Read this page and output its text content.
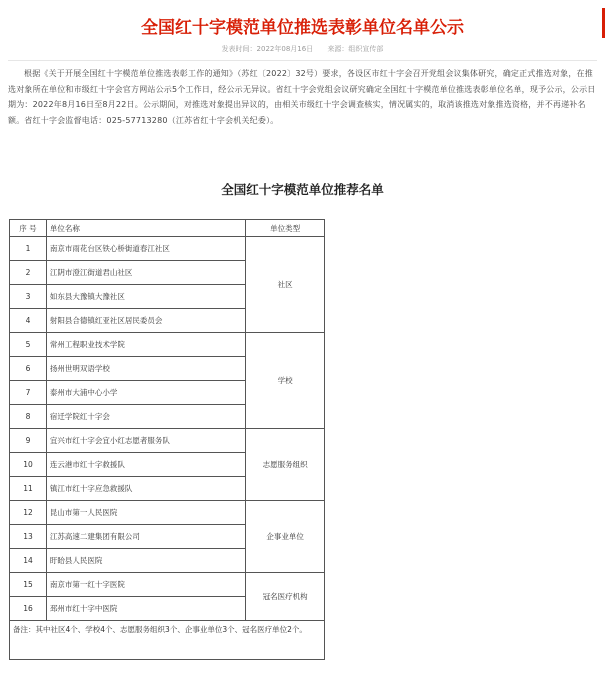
全国红十字模范单位推选表彰单位名单公示
发表时间：2022年08月16日 来源：组织宣传部
根据《关于开展全国红十字模范单位推选表彰工作的通知》（苏红〔2022〕32号）要求，各设区市红十字会召开党组会议集体研究，确定正式推选对象，在推选对象所在单位和市级红十字会官方网站公示5个工作日，经公示无异议。省红十字会党组会议研究确定全国红十字模范单位推选表彰单位名单，现予公示，公示日期为：2022年8月16日至8月22日。公示期间，对推选对象提出异议的，由相关市级红十字会调查核实，情况属实的，取消该推选对象推选资格，并不再递补名额。省红十字会监督电话：025-57713280（江苏省红十字会机关纪委）。
全国红十字模范单位推荐名单
序 号	单位名称	单位类型
1	南京市雨花台区铁心桥街道春江社区	社区
2	江阴市澄江街道君山社区	
3	如东县大豫镇大豫社区	
4	射阳县合德镇红亚社区居民委员会	
5	常州工程职业技术学院	学校
6	扬州世明双语学校	
7	泰州市大浦中心小学	
8	宿迁学院红十字会	
9	宜兴市红十字会宜小红志愿者服务队	志愿服务组织
10	连云港市红十字救援队	
11	镇江市红十字应急救援队	
12	昆山市第一人民医院	企事业单位
13	江苏高速二建集团有限公司	
14	盱眙县人民医院	
15	南京市第一红十字医院	冠名医疗机构
16	邳州市红十字中医院	
备注：其中社区4个、学校4个、志愿服务组织3个、企事业单位3个、冠名医疗单位2个。		
